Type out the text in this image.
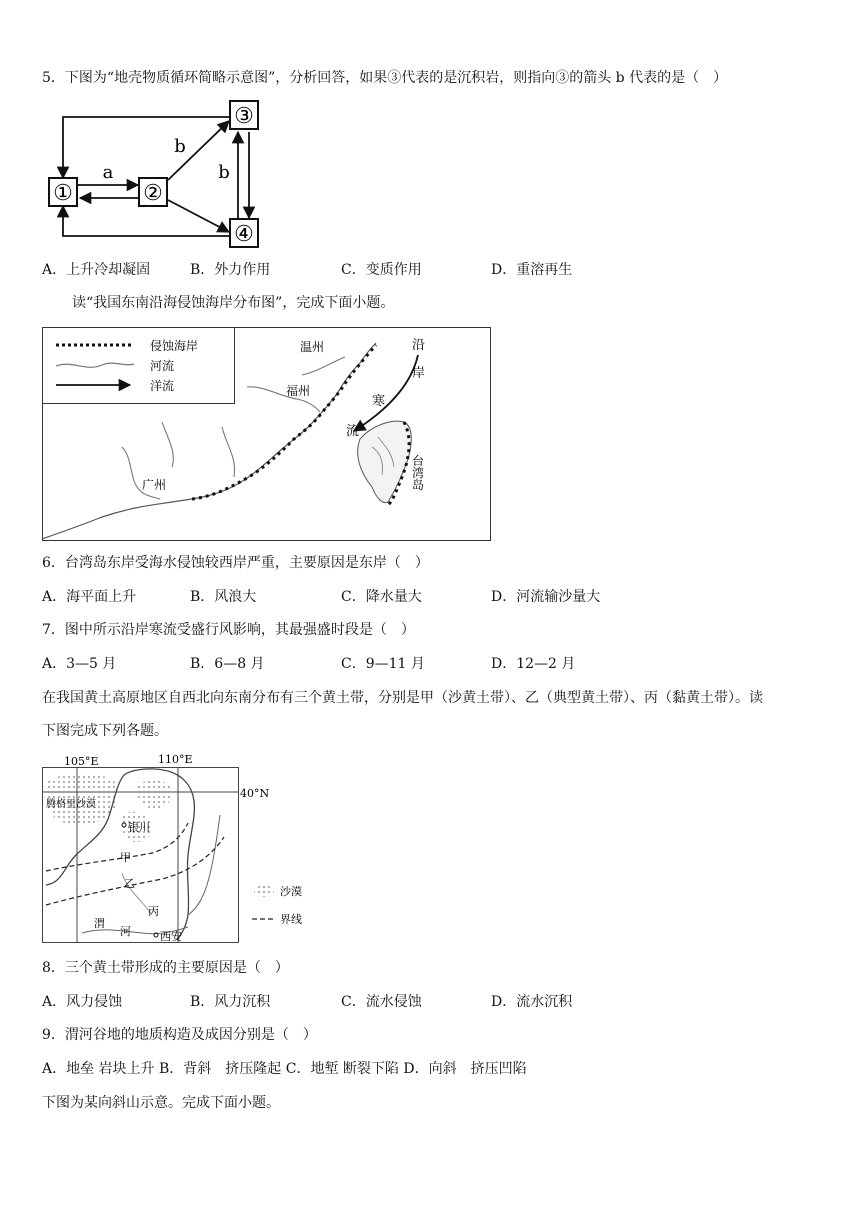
5．下图为“地壳物质循环简略示意图”，分析回答，如果③代表的是沉积岩，则指向③的箭头 b 代表的是（　）
①	②
③
④
a
b
b
A．上升冷却凝固	B．外力作用	C．变质作用	D．重溶再生
读“我国东南沿海侵蚀海岸分布图”，完成下面小题。
侵蚀海岸
河流
洋流
温州
福州
广州
沿
岸
寒
流
台
湾
岛
6．台湾岛东岸受海水侵蚀较西岸严重，主要原因是东岸（　）
A．海平面上升	B．风浪大	C．降水量大	D．河流输沙量大
7．图中所示沿岸寒流受盛行风影响，其最强盛时段是（　）
A．3—5 月	B．6—8 月	C．9—11 月	D．12—2 月
在我国黄土高原地区自西北向东南分布有三个黄土带，分别是甲（沙黄土带）、乙（典型黄土带）、丙（黏黄土带）。读
下图完成下列各题。
105°E	110°E
40°N
腾格里沙漠
银川
甲
乙
丙
渭
河	西安
沙漠
界线
8．三个黄土带形成的主要原因是（　）
A．风力侵蚀	B．风力沉积	C．流水侵蚀	D．流水沉积
9．渭河谷地的地质构造及成因分别是（　）
A．地垒 岩块上升 B．背斜　挤压隆起 C．地堑 断裂下陷 D．向斜　挤压凹陷
下图为某向斜山示意。完成下面小题。
